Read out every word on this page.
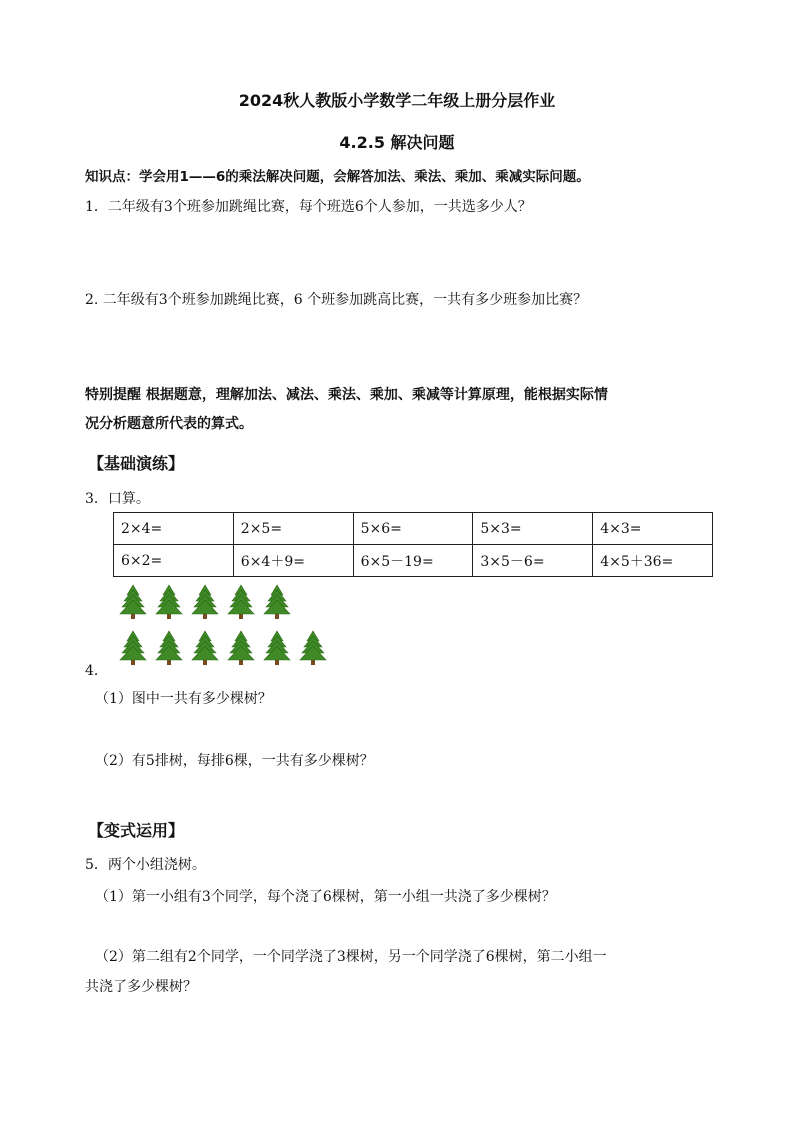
2024秋人教版小学数学二年级上册分层作业
4.2.5 解决问题
知识点：学会用1——6的乘法解决问题，会解答加法、乘法、乘加、乘减实际问题。
1．二年级有3个班参加跳绳比赛，每个班选6个人参加，一共选多少人？
2. 二年级有3个班参加跳绳比赛，6 个班参加跳高比赛，一共有多少班参加比赛？
特别提醒 根据题意，理解加法、减法、乘法、乘加、乘减等计算原理，能根据实际情
况分析题意所代表的算式。
【基础演练】
3．口算。
2×4=	2×5=	5×6=	5×3=	4×3=
6×2=	6×4＋9=	6×5－19=	3×5－6=	4×5＋36=
4．
（1）图中一共有多少棵树？
（2）有5排树，每排6棵，一共有多少棵树？
【变式运用】
5．两个小组浇树。
（1）第一小组有3个同学，每个浇了6棵树，第一小组一共浇了多少棵树？
（2）第二组有2个同学，一个同学浇了3棵树，另一个同学浇了6棵树，第二小组一
共浇了多少棵树？
